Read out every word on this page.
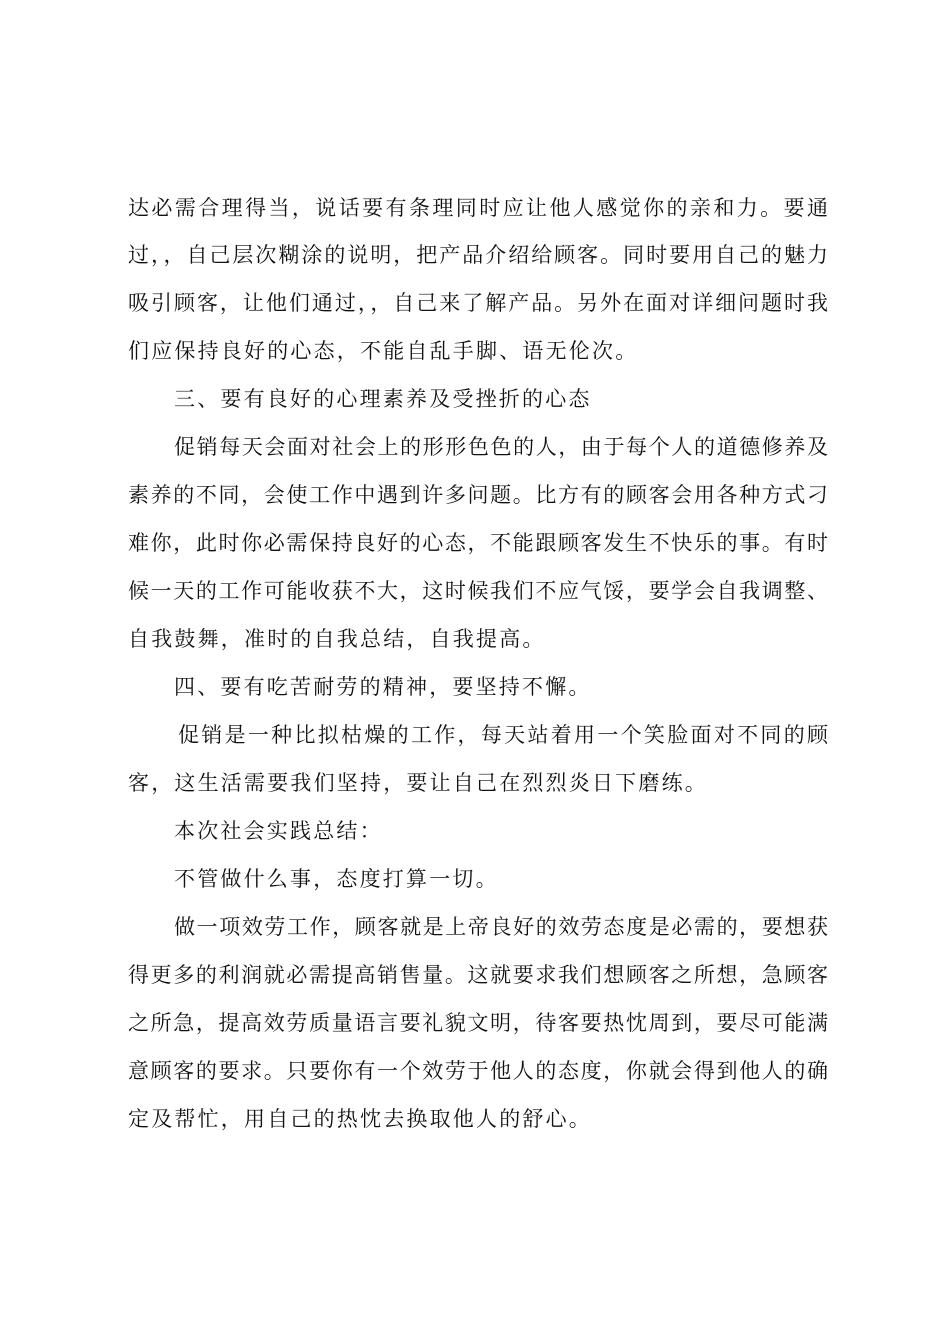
达必需合理得当，说话要有条理同时应让他人感觉你的亲和力。要通
过，，自己层次糊涂的说明，把产品介绍给顾客。同时要用自己的魅力
吸引顾客，让他们通过，，自己来了解产品。另外在面对详细问题时我
们应保持良好的心态，不能自乱手脚、语无伦次。
三、要有良好的心理素养及受挫折的心态
促销每天会面对社会上的形形色色的人，由于每个人的道德修养及
素养的不同，会使工作中遇到许多问题。比方有的顾客会用各种方式刁
难你，此时你必需保持良好的心态，不能跟顾客发生不快乐的事。有时
候一天的工作可能收获不大，这时候我们不应气馁，要学会自我调整、
自我鼓舞，准时的自我总结，自我提高。
四、要有吃苦耐劳的精神，要坚持不懈。
促销是一种比拟枯燥的工作，每天站着用一个笑脸面对不同的顾
客，这生活需要我们坚持，要让自己在烈烈炎日下磨练。
本次社会实践总结：
不管做什么事，态度打算一切。
做一项效劳工作，顾客就是上帝良好的效劳态度是必需的，要想获
得更多的利润就必需提高销售量。这就要求我们想顾客之所想，急顾客
之所急，提高效劳质量语言要礼貌文明，待客要热忱周到，要尽可能满
意顾客的要求。只要你有一个效劳于他人的态度，你就会得到他人的确
定及帮忙，用自己的热忱去换取他人的舒心。
